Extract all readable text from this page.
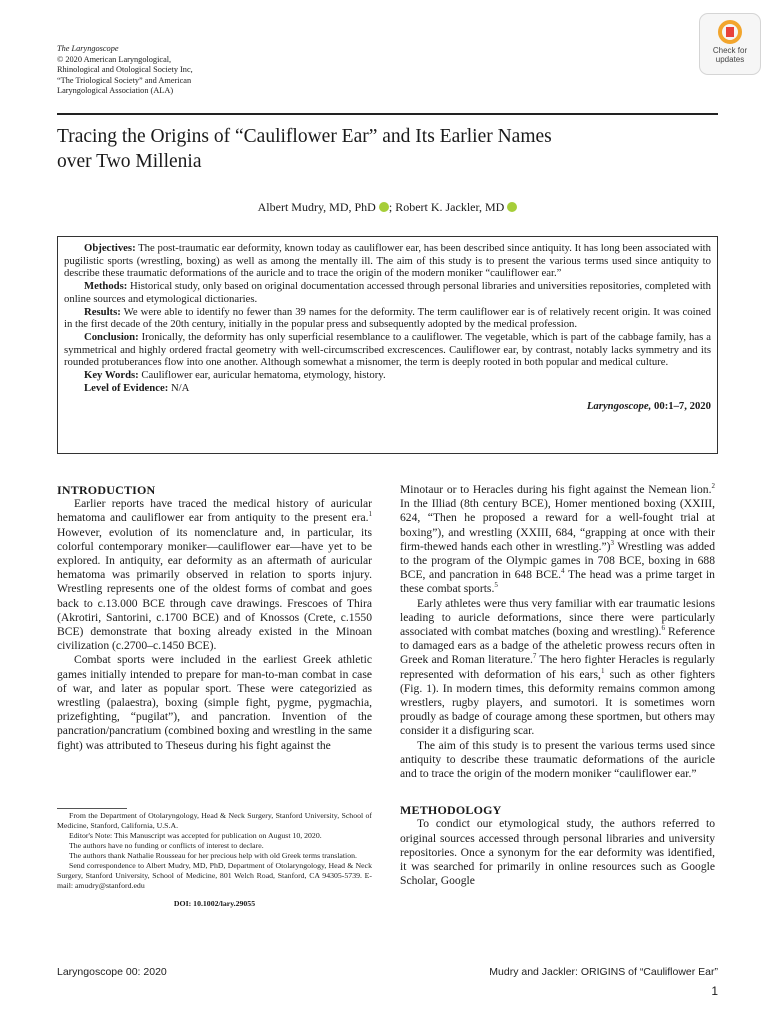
The Laryngoscope
© 2020 American Laryngological,
Rhinological and Otological Society Inc,
“The Triological Society” and American
Laryngological Association (ALA)
Check for
updates
Tracing the Origins of “Cauliflower Ear” and Its Earlier Names
over Two Millenia
Albert Mudry, MD, PhD ; Robert K. Jackler, MD

Objectives: The post-traumatic ear deformity, known today as cauliflower ear, has been described since antiquity. It has long been associated with pugilistic sports (wrestling, boxing) as well as among the mentally ill. The aim of this study is to present the various terms used since antiquity to describe these traumatic deformations of the auricle and to trace the origin of the modern moniker “cauliflower ear.”

Methods: Historical study, only based on original documentation accessed through personal libraries and universities repositories, completed with online sources and etymological dictionaries.

Results: We were able to identify no fewer than 39 names for the deformity. The term cauliflower ear is of relatively recent origin. It was coined in the first decade of the 20th century, initially in the popular press and subsequently adopted by the medical profession.

Conclusion: Ironically, the deformity has only superficial resemblance to a cauliflower. The vegetable, which is part of the cabbage family, has a symmetrical and highly ordered fractal geometry with well-circumscribed excrescences. Cauliflower ear, by contrast, notably lacks symmetry and its rounded protuberances flow into one another. Although somewhat a misnomer, the term is deeply rooted in both popular and medical culture.

Key Words: Cauliflower ear, auricular hematoma, etymology, history.

Level of Evidence: N/A

Laryngoscope, 00:1–7, 2020

INTRODUCTION

Earlier reports have traced the medical history of auricular hematoma and cauliflower ear from antiquity to the present era.$^1$ However, evolution of its nomenclature and, in particular, its colorful contemporary moniker—cauliflower ear—have yet to be explored. In antiquity, ear deformity as an aftermath of auricular hematoma was primarily observed in relation to sports injury. Wrestling represents one of the oldest forms of combat and goes back to c.13.000 BCE through cave drawings. Frescoes of Thira (Akrotiri, Santorini, c.1700 BCE) and of Knossos (Crete, c.1550 BCE) demonstrate that boxing already existed in the Minoan civilization (c.2700–c.1450 BCE).

Combat sports were included in the earliest Greek athletic games initially intended to prepare for man-to-man combat in case of war, and later as popular sport. These were categorizied as wrestling (palaestra), boxing (simple fight, pygme, pygmachia, prizefighting, “pugilat”), and pancration. Invention of the pancration/pancratium (combined boxing and wrestling in the same fight) was attributed to Theseus during his fight against the

From the Department of Otolaryngology, Head & Neck Surgery, Stanford University, School of Medicine, Stanford, California, U.S.A.

Editor's Note: This Manuscript was accepted for publication on August 10, 2020.

The authors have no funding or conflicts of interest to declare.

The authors thank Nathalie Rousseau for her precious help with old Greek terms translation.

Send correspondence to Albert Mudry, MD, PhD, Department of Otolaryngology, Head & Neck Surgery, Stanford University, School of Medicine, 801 Welch Road, Stanford, CA 94305-5739. E-mail: amudry@stanford.edu

DOI: 10.1002/lary.29055

Minotaur or to Heracles during his fight against the Nemean lion.$^2$ In the Illiad (8th century BCE), Homer mentioned boxing (XXIII, 624, “Then he proposed a reward for a well-fought trial at boxing”), and wrestling (XXIII, 684, “grapping at once with their firm-thewed hands each other in wrestling.”)$^3$ Wrestling was added to the program of the Olympic games in 708 BCE, boxing in 688 BCE, and pancration in 648 BCE.$^4$ The head was a prime target in these combat sports.$^5$

Early athletes were thus very familiar with ear traumatic lesions leading to auricle deformations, since there were particularly associated with combat matches (boxing and wrestling).$^6$ Reference to damaged ears as a badge of the atheletic prowess recurs often in Greek and Roman literature.$^7$ The hero fighter Heracles is regularly represented with deformation of his ears,$^1$ such as other fighters (Fig. 1). In modern times, this deformity remains common among wrestlers, rugby players, and sumotori. It is sometimes worn proudly as badge of courage among these sportmen, but others may consider it a disfiguring scar.

The aim of this study is to present the various terms used since antiquity to describe these traumatic deformations of the auricle and to trace the origin of the modern moniker “cauliflower ear.”

METHODOLOGY

To condict our etymological study, the authors referred to original sources accessed through personal libraries and university repositories. Once a synonym for the ear deformity was identified, it was searched for primarily in online resources such as Google Scholar, Google

Laryngoscope 00: 2020	Mudry and Jackler: ORIGINS of “Cauliflower Ear”
1
